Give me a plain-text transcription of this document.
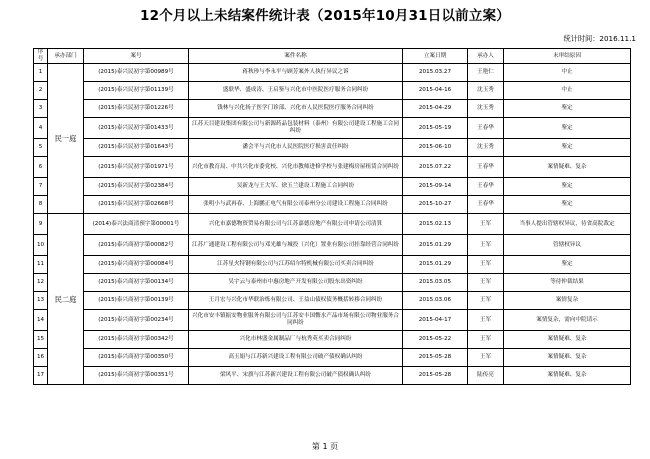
12个月以上未结案件统计表（2015年10月31日以前立案）
统计时间：2016.11.1
序号	承办部门	案号	案件名称	立案日期	承办人	未审结原因
1	民一庭	(2015)泰兴民初字第00989号	蒋秋珍与李永平与顾芳案外人执行异议之诉	2015.03.27	王艳仁	中止
2		(2015)泰兴民初字第01139号	盛联华、盛成涛、王启鉴与兴化市中医院医疗服务合同纠纷	2015-04-16	沈玉秀	中止
3		(2015)泰兴民初字第01226号	钱林与兴化扬子医学门诊部、兴化市人民医院医疗服务合同纠纷	2015-04-29	沈玉秀	鉴定
4		(2015)泰兴民初字第01433号	江苏天目建设集团有限公司与新源药品包装材料（泰州）有限公司建设工程施工合同纠纷	2015-05-19	王春华	鉴定
5		(2015)泰兴民初字第01643号	潘会平与兴化市人民医院医疗损害责任纠纷	2015-06-10	沈玉秀	鉴定
6		(2015)泰兴民初字第01971号	兴化市教育局、中共兴化市委党校、兴化市教师进修学校与张建梅房屋租赁合同纠纷	2015.07.22	王春华	案情疑难、复杂
7		(2015)泰兴民初字第02384号	吴新龙与王大军、徐玉兰建设工程施工合同纠纷	2015-09-14	王春华	鉴定
8		(2015)泰兴民初字第02668号	张明小与武再春、上海鹏正电气有限公司泰州分公司建设工程施工合同纠纷	2015-10-27	王春华	鉴定
9	民二庭	(2014)泰兴法商清预字第00001号	兴化市嘉德物资贸易有限公司与江苏嘉德房地产有限公司申请公司清算	2015.02.13	王军	当事人提出管辖权异议，待省高院裁定
10		(2015)泰兴商初字第00082号	江苏广通建设工程有限公司与邓光雄与城投（兴化）置业有限公司挂靠经营合同纠纷	2015.01.29	王军	管辖权异议
11		(2015)泰兴商初字第00084号	江苏星火特钢有限公司与江苏绍尔特机械有限公司买卖合同纠纷	2015.01.29	王军	鉴定
12		(2015)泰兴商初字第00134号	吴宇云与泰州市中惠房地产开发有限公司股东出资纠纷	2015.03.05	王军	等待仲裁结果
13		(2015)泰兴商初字第00139号	王月宏与兴化市华联治炼有限公司、王益山债权债务概括转移合同纠纷	2015.03.06	王军	案情复杂
14		(2015)泰兴商初字第00234号	兴化市安丰镇振安物业服务有限公司与江苏安丰国鳖水产品市场有限公司物业服务合同纠纷	2015-04-17	王军	案情复杂，需向中院请示
15		(2015)泰兴商初字第00342号	兴化市林盛金属制品厂与杭秀英买卖合同纠纷	2015-05-22	王军	案情疑难、复杂
16		(2015)泰兴商初字第00350号	高玉娟与江苏新兴建设工程有限公司破产债权确认纠纷	2015-05-28	王军	案情疑难、复杂
17		(2015)泰兴商初字第00351号	梁风平、宋旗与江苏新兴建设工程有限公司破产债权确认纠纷	2015-05-28	陆传亮	案情疑难、复杂
第 1 页
